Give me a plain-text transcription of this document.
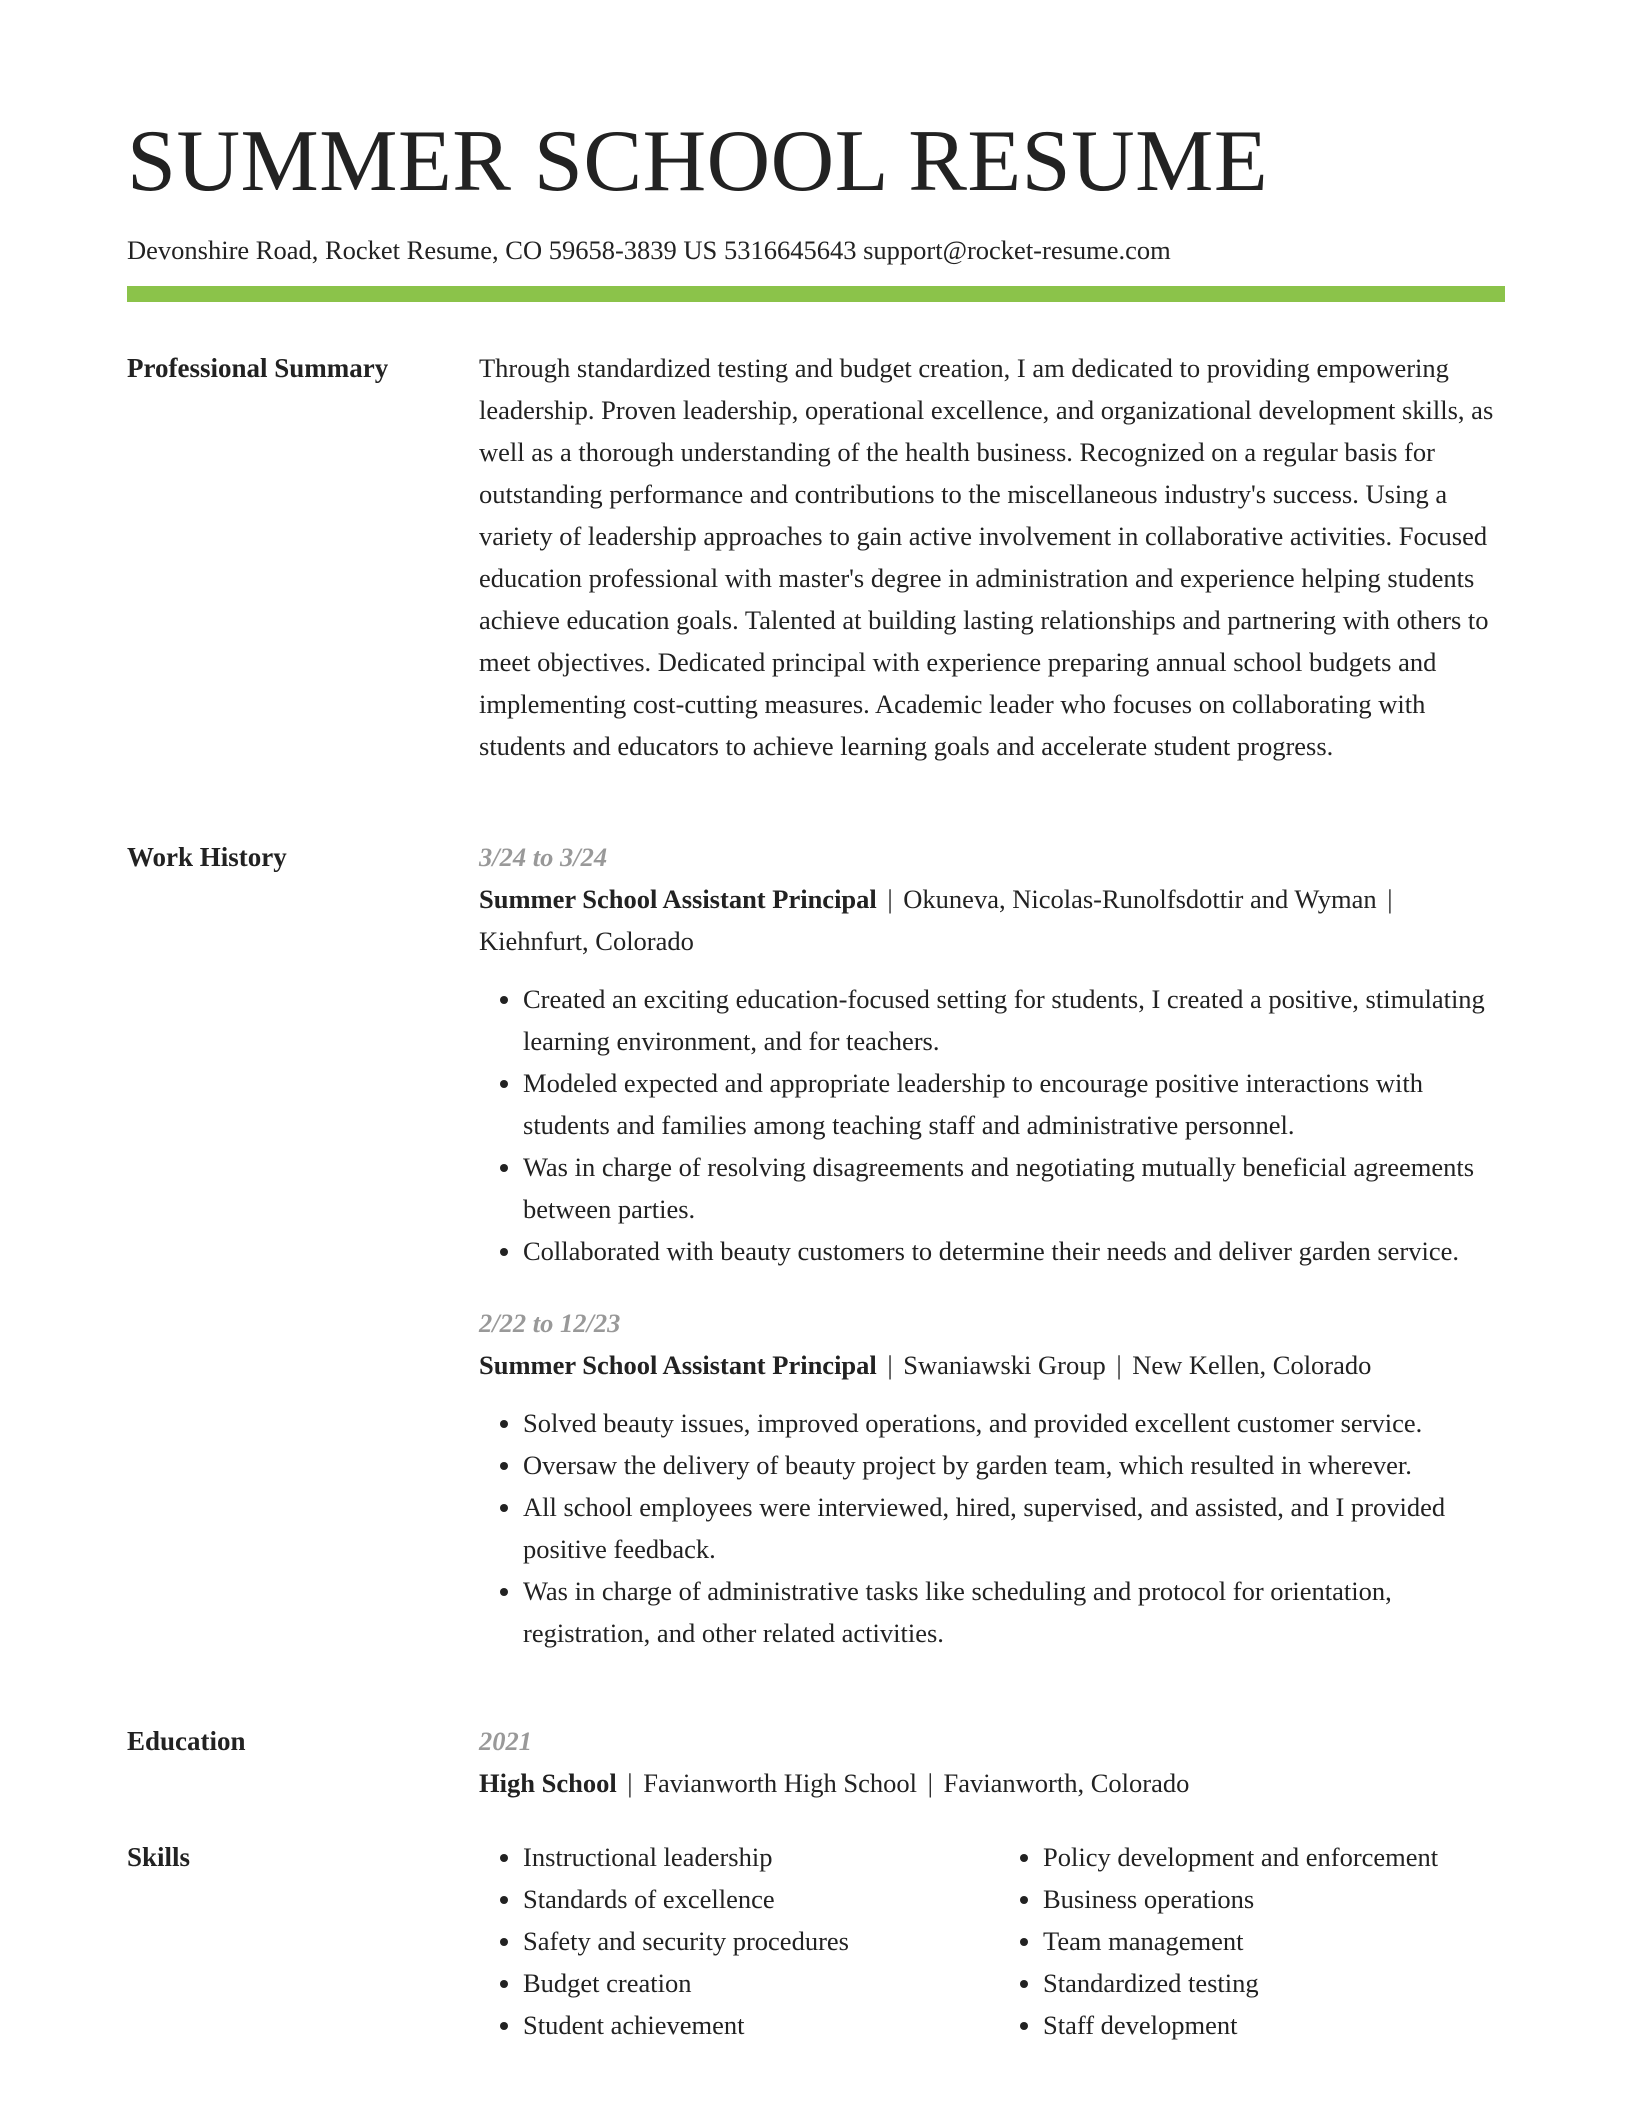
SUMMER SCHOOL RESUME
Devonshire Road, Rocket Resume, CO 59658-3839 US 5316645643 support@rocket-resume.com
Professional Summary	Through standardized testing and budget creation, I am dedicated to providing empowering leadership. Proven leadership, operational excellence, and organizational development skills, as well as a thorough understanding of the health business. Recognized on a regular basis for outstanding performance and contributions to the miscellaneous industry's success. Using a variety of leadership approaches to gain active involvement in collaborative activities. Focused education professional with master's degree in administration and experience helping students achieve education goals. Talented at building lasting relationships and partnering with others to meet objectives. Dedicated principal with experience preparing annual school budgets and implementing cost-cutting measures. Academic leader who focuses on collaborating with students and educators to achieve learning goals and accelerate student progress.

Work History	3/24 to 3/24
Summer School Assistant Principal | Okuneva, Nicolas-Runolfsdottir and Wyman | Kiehnfurt, Colorado
• Created an exciting education-focused setting for students, I created a positive, stimulating learning environment, and for teachers.
• Modeled expected and appropriate leadership to encourage positive interactions with students and families among teaching staff and administrative personnel.
• Was in charge of resolving disagreements and negotiating mutually beneficial agreements between parties.
• Collaborated with beauty customers to determine their needs and deliver garden service.
2/22 to 12/23
Summer School Assistant Principal | Swaniawski Group | New Kellen, Colorado
• Solved beauty issues, improved operations, and provided excellent customer service.
• Oversaw the delivery of beauty project by garden team, which resulted in wherever.
• All school employees were interviewed, hired, supervised, and assisted, and I provided positive feedback.
• Was in charge of administrative tasks like scheduling and protocol for orientation, registration, and other related activities.
Education	2021
High School | Favianworth High School | Favianworth, Colorado
Skills
•	Instructional leadership
• Standards of excellence
• Safety and security procedures
• Budget creation
• Student achievement
• Policy development and enforcement
• Business operations
• Team management
• Standardized testing
• Staff development
